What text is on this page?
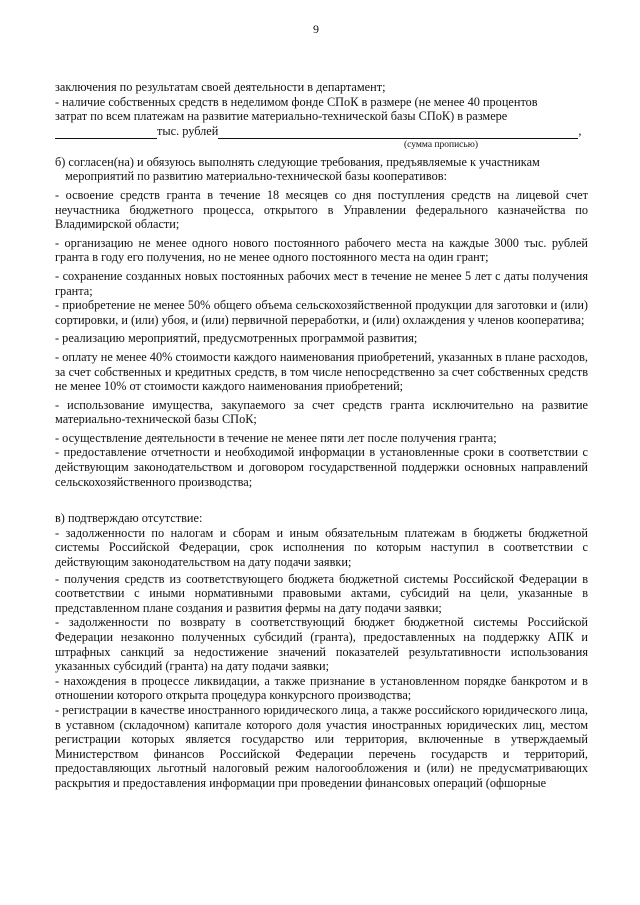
9

заключения по результатам своей деятельности в департамент;

- наличие собственных средств в неделимом фонде СПоК в размере (не менее 40 процентов

затрат по всем платежам на развитие материально-технической базы СПоК) в размере

тыс. рублей	,
(сумма прописью)

б) согласен(на) и обязуюсь выполнять следующие требования, предъявляемые к участникам

мероприятий по развитию материально-технической базы кооперативов:

- освоение средств гранта в течение 18 месяцев со дня поступления средств на лицевой счет неучастника бюджетного процесса, открытого в Управлении федерального казначейства по Владимирской области;

- организацию не менее одного нового постоянного рабочего места на каждые 3000 тыс. рублей гранта в году его получения, но не менее одного постоянного места на один грант;

- сохранение созданных новых постоянных рабочих мест в течение не менее 5 лет с даты получения гранта;

- приобретение не менее 50% общего объема сельскохозяйственной продукции для заготовки и (или) сортировки, и (или) убоя, и (или) первичной переработки, и (или) охлаждения у членов кооператива;

- реализацию мероприятий, предусмотренных программой развития;

- оплату не менее 40% стоимости каждого наименования приобретений, указанных в плане расходов, за счет собственных и кредитных средств, в том числе непосредственно за счет собственных средств не менее 10% от стоимости каждого наименования приобретений;

- использование имущества, закупаемого за счет средств гранта исключительно на развитие материально-технической базы СПоК;

- осуществление деятельности в течение не менее пяти лет после получения гранта;

- предоставление отчетности и необходимой информации в установленные сроки в соответствии с действующим законодательством и договором государственной поддержки основных направлений сельскохозяйственного производства;

в) подтверждаю отсутствие:

- задолженности по налогам и сборам и иным обязательным платежам в бюджеты бюджетной системы Российской Федерации, срок исполнения по которым наступил в соответствии с действующим законодательством на дату подачи заявки;

- получения средств из соответствующего бюджета бюджетной системы Российской Федерации в соответствии с иными нормативными правовыми актами, субсидий на цели, указанные в представленном плане создания и развития фермы на дату подачи заявки;

- задолженности по возврату в соответствующий бюджет бюджетной системы Российской Федерации незаконно полученных субсидий (гранта), предоставленных на поддержку АПК и штрафных санкций за недостижение значений показателей результативности использования указанных субсидий (гранта) на дату подачи заявки;

- нахождения в процессе ликвидации, а также признание в установленном порядке банкротом и в отношении которого открыта процедура конкурсного производства;

- регистрации в качестве иностранного юридического лица, а также российского юридического лица, в уставном (складочном) капитале которого доля участия иностранных юридических лиц, местом регистрации которых является государство или территория, включенные в утверждаемый Министерством финансов Российской Федерации перечень государств и территорий, предоставляющих льготный налоговый режим налогообложения и (или) не предусматривающих раскрытия и предоставления информации при проведении финансовых операций (офшорные
